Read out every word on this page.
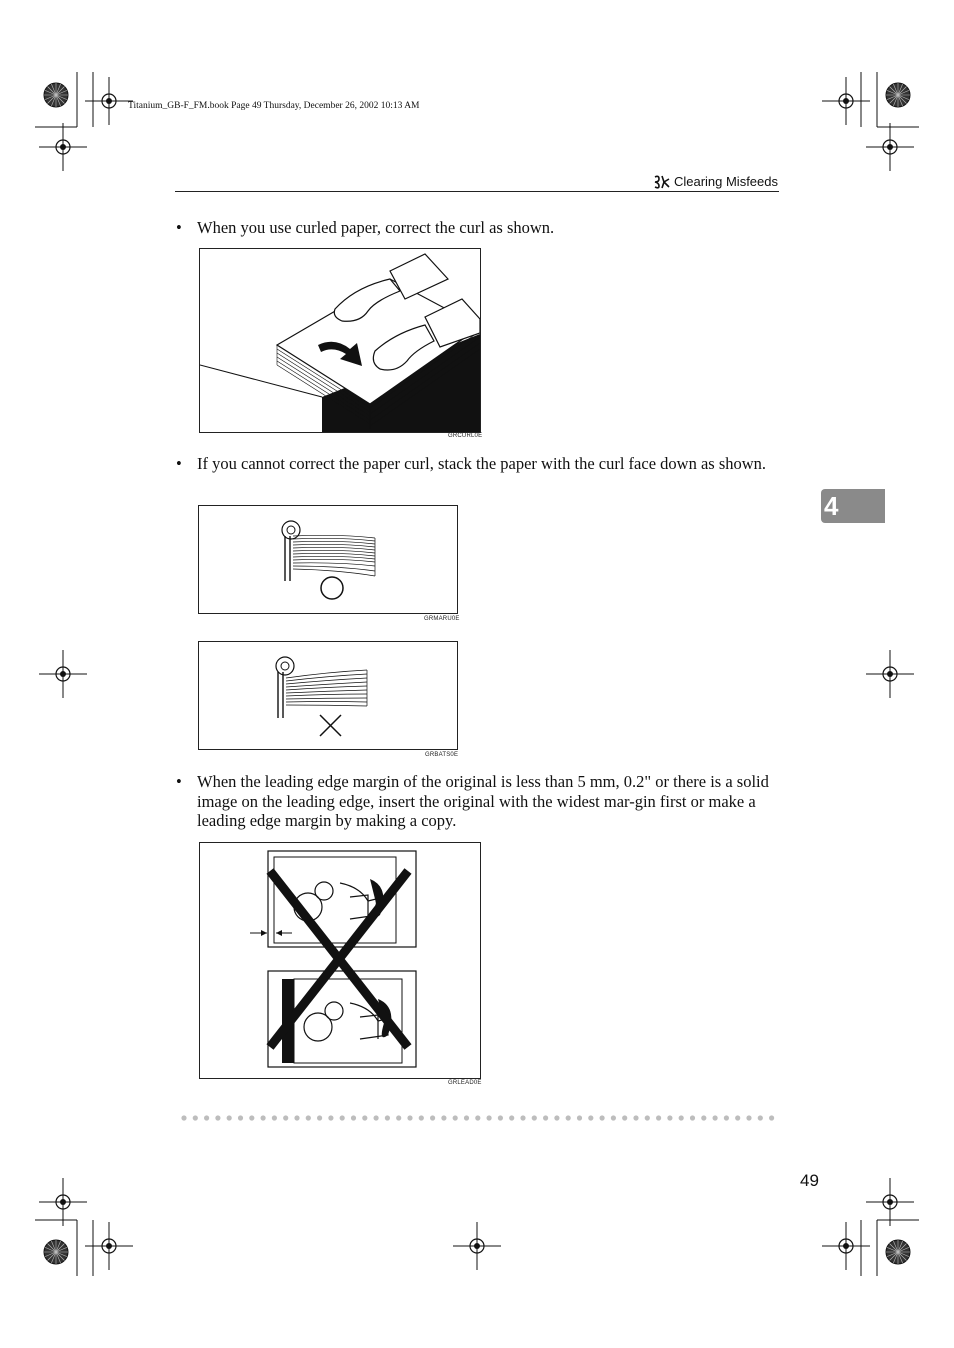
Titanium_GB-F_FM.book Page 49 Thursday, December 26, 2002 10:13 AM
Clearing Misfeeds
• When you use curled paper, correct the curl as shown.
GRCURL0E
• If you cannot correct the paper curl, stack the paper with the curl face down as shown.
GRMARU0E
GRBATS0E
• When the leading edge margin of the original is less than 5 mm, 0.2" or there is a solid image on the leading edge, insert the original with the widest mar-gin first or make a leading edge margin by making a copy.
GRLEAD0E
4
49
